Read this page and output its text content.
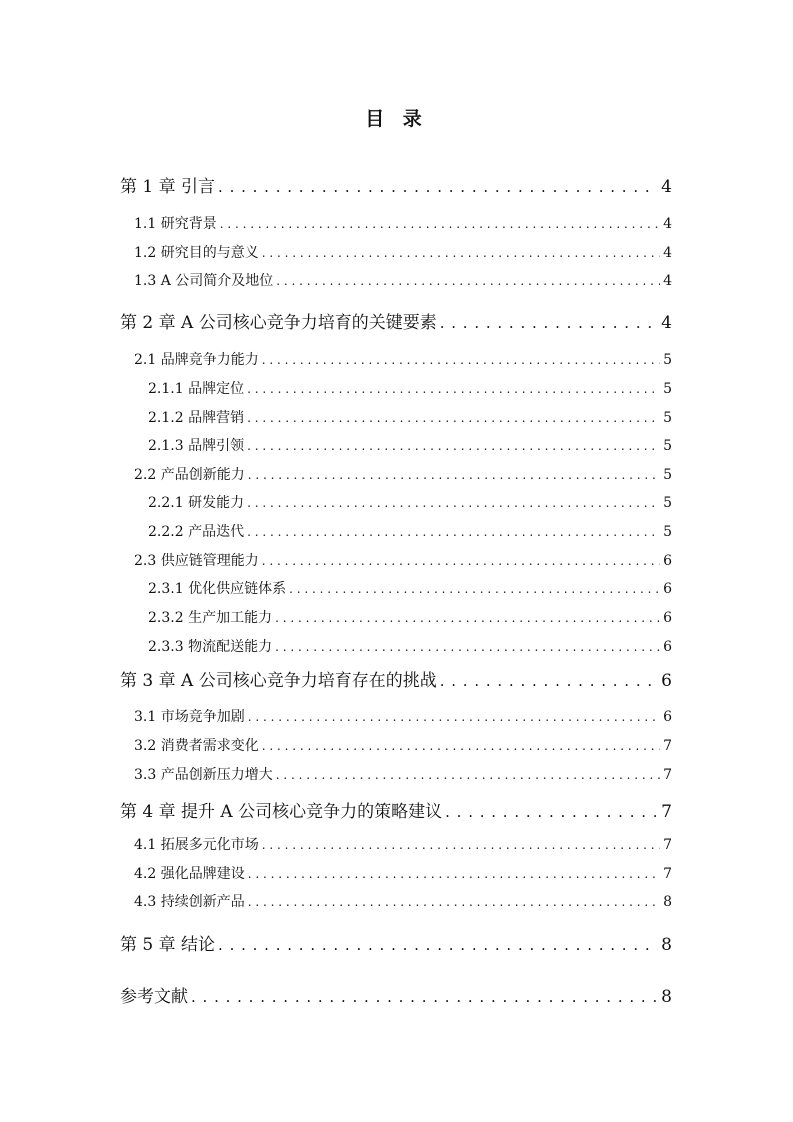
目 录
第 1 章 引言 . . .	4
1.1 研究背景 . . .	4
1.2 研究目的与意义 . . .	4
1.3 A 公司简介及地位 . . .	4
第 2 章 A 公司核心竞争力培育的关键要素 . . .	4
2.1 品牌竞争力能力 . . .	5
2.1.1 品牌定位 . . .	5
2.1.2 品牌营销 . . .	5
2.1.3 品牌引领 . . .	5
2.2 产品创新能力 . . .	5
2.2.1 研发能力 . . .	5
2.2.2 产品迭代 . . .	5
2.3 供应链管理能力 . . .	6
2.3.1 优化供应链体系 . . .	6
2.3.2 生产加工能力 . . .	6
2.3.3 物流配送能力 . . .	6
第 3 章 A 公司核心竞争力培育存在的挑战 . . .	6
3.1 市场竞争加剧 . . .	6
3.2 消费者需求变化 . . .	7
3.3 产品创新压力增大 . . .	7
第 4 章 提升 A 公司核心竞争力的策略建议 . . .	7
4.1 拓展多元化市场 . . .	7
4.2 强化品牌建设 . . .	7
4.3 持续创新产品 . . .	8
第 5 章 结论 . . .	8
参考文献 . . .	8
